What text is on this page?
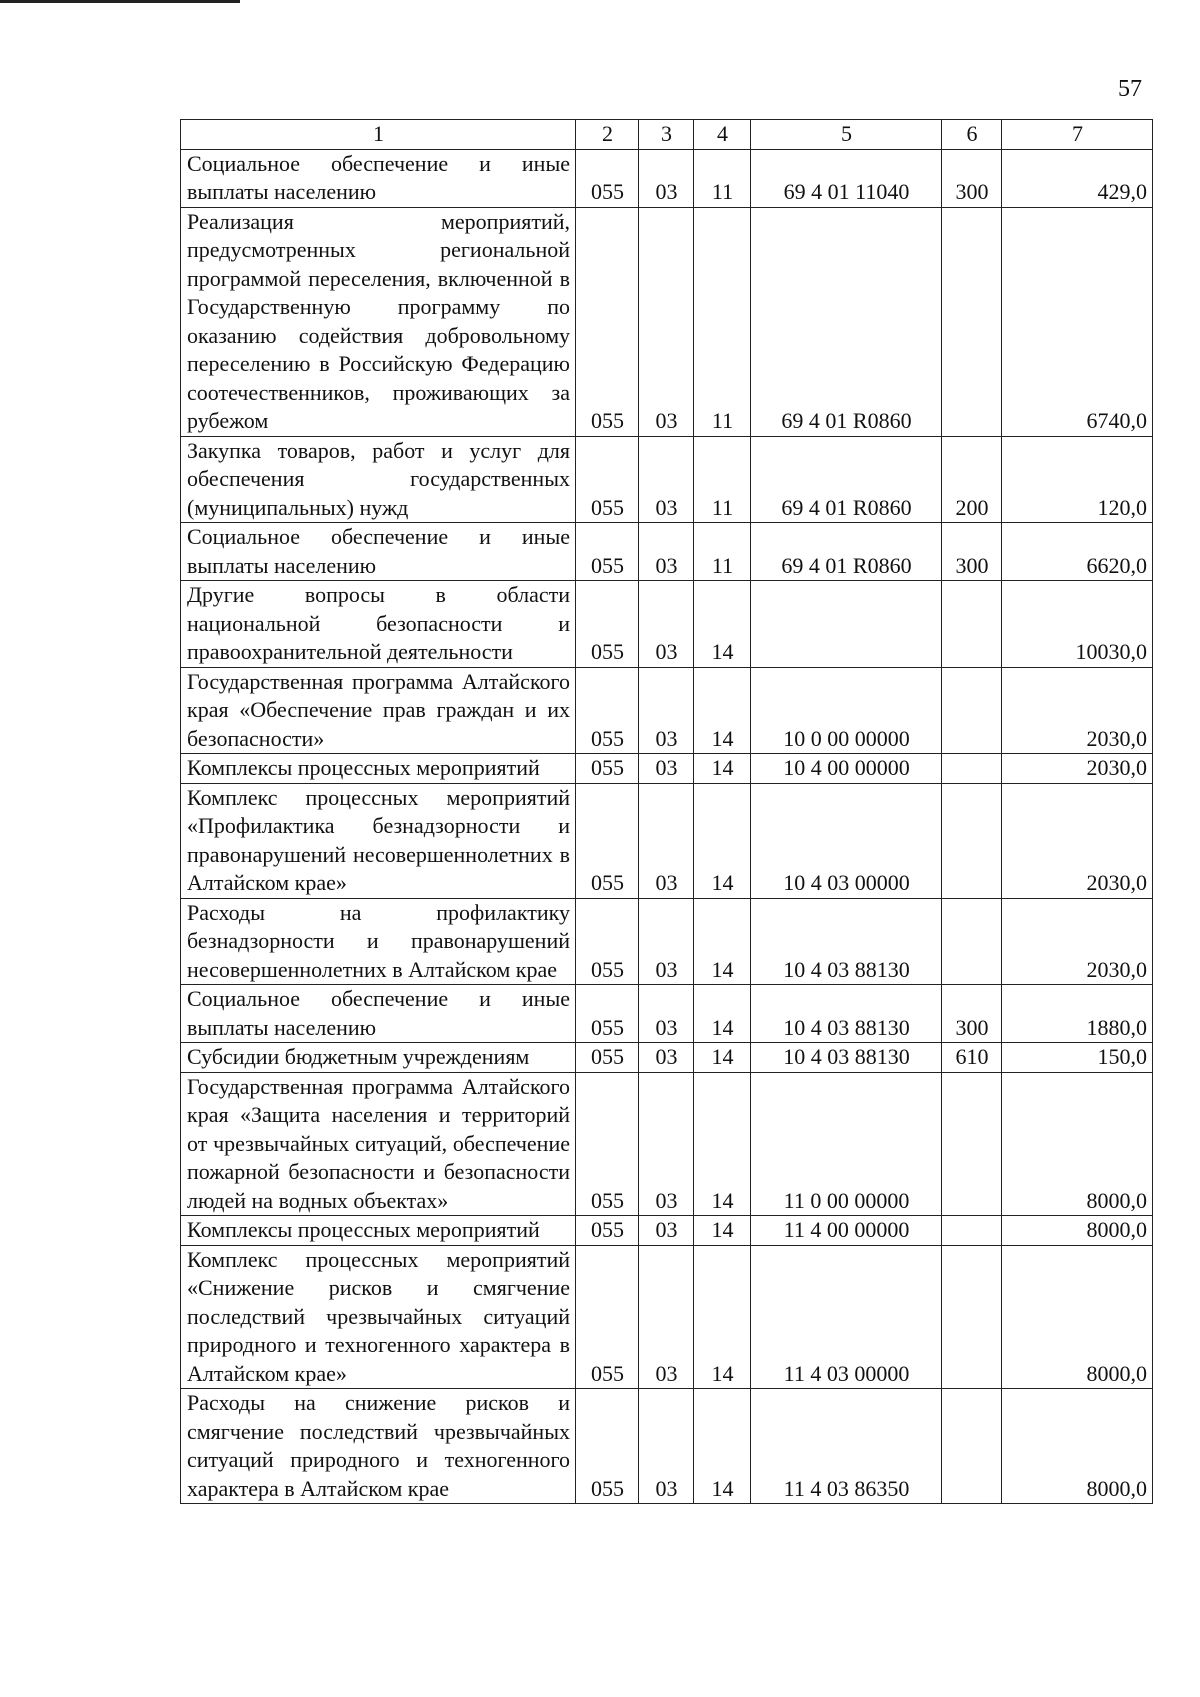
57
1	2	3	4	5	6	7
Социальное обеспечение и иные выплаты населению	055	03	11	69 4 01 11040	300	429,0
Реализация мероприятий, предусмотренных региональной программой переселения, включенной в Государственную программу по оказанию содействия добровольному переселению в Российскую Федерацию соотечественников, проживающих за рубежом	055	03	11	69 4 01 R0860		6740,0
Закупка товаров, работ и услуг для обеспечения государственных (муниципальных) нужд	055	03	11	69 4 01 R0860	200	120,0
Социальное обеспечение и иные выплаты населению	055	03	11	69 4 01 R0860	300	6620,0
Другие вопросы в области национальной безопасности и правоохранительной деятельности	055	03	14			10030,0
Государственная программа Алтайского края «Обеспечение прав граждан и их безопасности»	055	03	14	10 0 00 00000		2030,0
Комплексы процессных мероприятий	055	03	14	10 4 00 00000		2030,0
Комплекс процессных мероприятий «Профилактика безнадзорности и правонарушений несовершеннолетних в Алтайском крае»	055	03	14	10 4 03 00000		2030,0
Расходы на профилактику безнадзорности и правонарушений несовершеннолетних в Алтайском крае	055	03	14	10 4 03 88130		2030,0
Социальное обеспечение и иные выплаты населению	055	03	14	10 4 03 88130	300	1880,0
Субсидии бюджетным учреждениям	055	03	14	10 4 03 88130	610	150,0
Государственная программа Алтайского края «Защита населения и территорий от чрезвычайных ситуаций, обеспечение пожарной безопасности и безопасности людей на водных объектах»	055	03	14	11 0 00 00000		8000,0
Комплексы процессных мероприятий	055	03	14	11 4 00 00000		8000,0
Комплекс процессных мероприятий «Снижение рисков и смягчение последствий чрезвычайных ситуаций природного и техногенного характера в Алтайском крае»	055	03	14	11 4 03 00000		8000,0
Расходы на снижение рисков и смягчение последствий чрезвычайных ситуаций природного и техногенного характера в Алтайском крае	055	03	14	11 4 03 86350		8000,0
